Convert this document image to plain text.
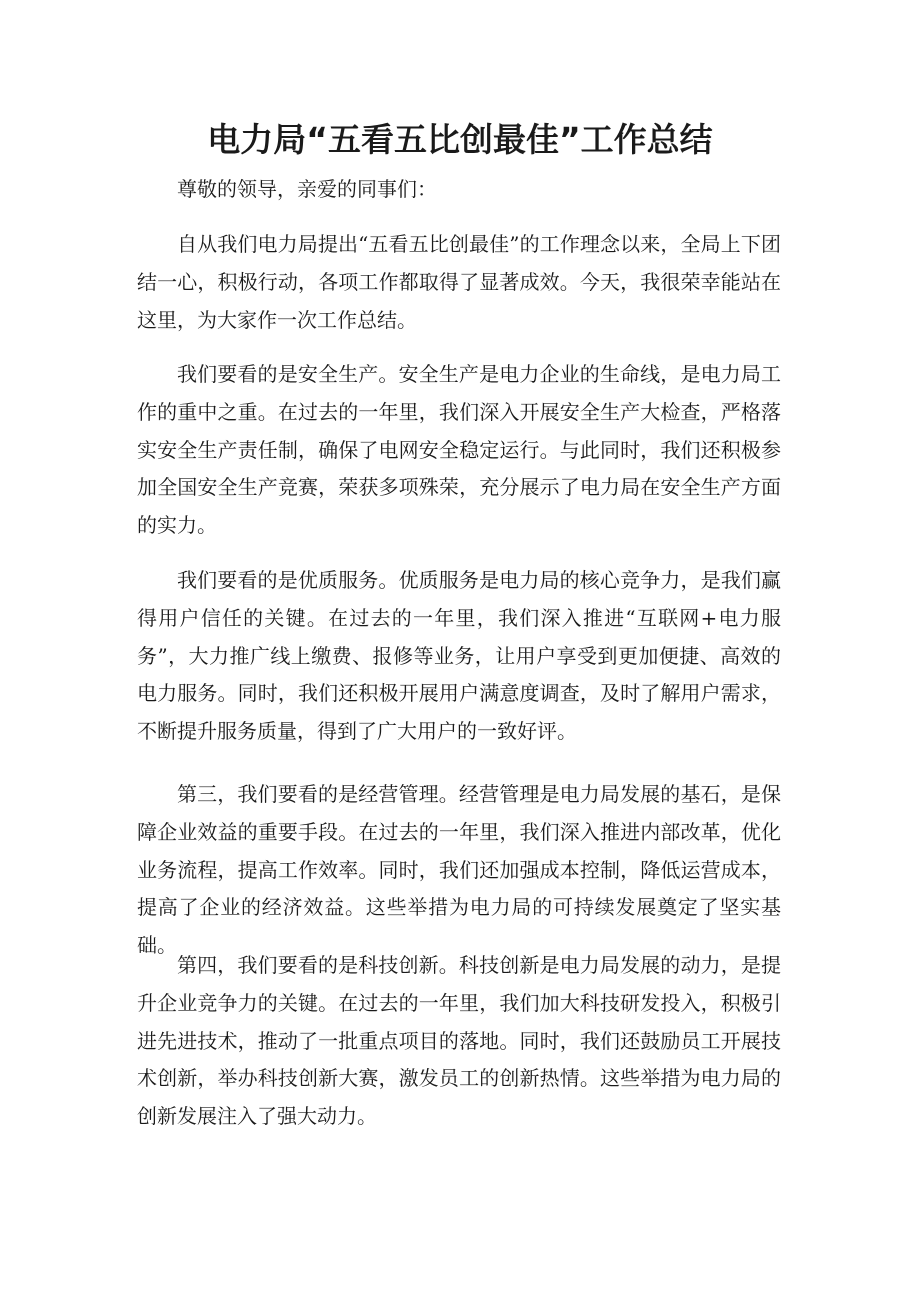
电力局“五看五比创最佳”工作总结

尊敬的领导，亲爱的同事们：

自从我们电力局提出“五看五比创最佳”的工作理念以来，全局上下团结一心，积极行动，各项工作都取得了显著成效。今天，我很荣幸能站在这里，为大家作一次工作总结。

我们要看的是安全生产。安全生产是电力企业的生命线，是电力局工作的重中之重。在过去的一年里，我们深入开展安全生产大检查，严格落实安全生产责任制，确保了电网安全稳定运行。与此同时，我们还积极参加全国安全生产竞赛，荣获多项殊荣，充分展示了电力局在安全生产方面的实力。

我们要看的是优质服务。优质服务是电力局的核心竞争力，是我们赢得用户信任的关键。在过去的一年里，我们深入推进“互联网+电力服务”，大力推广线上缴费、报修等业务，让用户享受到更加便捷、高效的电力服务。同时，我们还积极开展用户满意度调查，及时了解用户需求，不断提升服务质量，得到了广大用户的一致好评。

第三，我们要看的是经营管理。经营管理是电力局发展的基石，是保障企业效益的重要手段。在过去的一年里，我们深入推进内部改革，优化业务流程，提高工作效率。同时，我们还加强成本控制，降低运营成本，提高了企业的经济效益。这些举措为电力局的可持续发展奠定了坚实基础。

第四，我们要看的是科技创新。科技创新是电力局发展的动力，是提升企业竞争力的关键。在过去的一年里，我们加大科技研发投入，积极引进先进技术，推动了一批重点项目的落地。同时，我们还鼓励员工开展技术创新，举办科技创新大赛，激发员工的创新热情。这些举措为电力局的创新发展注入了强大动力。
